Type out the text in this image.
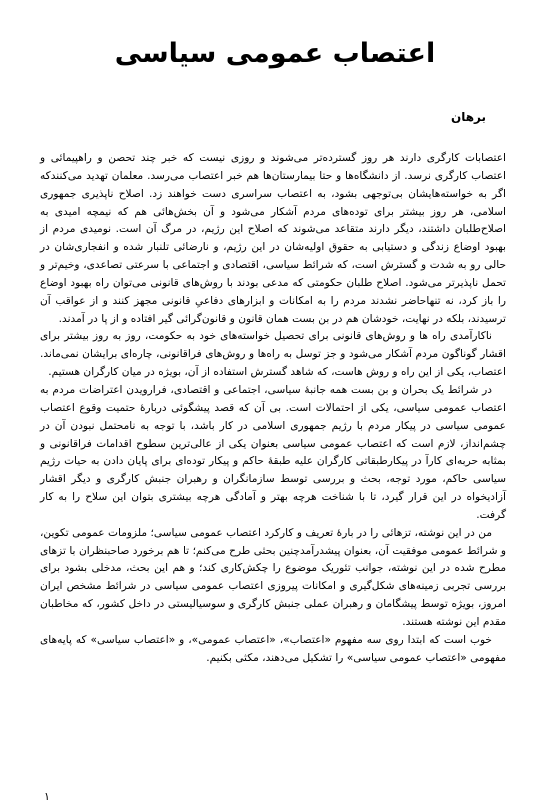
اعتصاب عمومی سیاسی
برهان

اعتصابات کارگری دارند هر روز گسترده‌تر می‌شوند و روزی نیست که خبر چند تحصن و راهپیمائی و اعتصاب کارگری نرسد. از دانشگاه‌ها و حتا بیمارستان‌ها هم خبر اعتصاب می‌رسد. معلمان تهدید می‌کنندکه اگر به خواسته‌هایشان بی‌توجهی بشود، به اعتصاب سراسری دست خواهند زد. اصلاح ناپذیری جمهوری اسلامی، هر روز بیشتر برای توده‌های مردم آشکار می‌شود و آن بخش‌هائی هم که نیمچه امیدی به اصلاح‌طلبان داشتند، دیگر دارند متقاعد می‌شوند که اصلاح این رژیم، در مرگ آن است. نومیدی مردم از بهبود اوضاع زندگی و دستیابی به حقوق اولیه‌شان در این رژیم، و نارضائی تلنبار شده و انفجاری‌شان در حالی رو به شدت و گسترش است، که شرائط سیاسی، اقتصادی و اجتماعی با سرعتی تصاعدی، وخیم‌تر و تحمل ناپذیرتر می‌شود. اصلاح طلبان حکومتی که مدعی بودند با روش‌های قانونی می‌توان راه بهبود اوضاع را باز کرد، نه تنهاحاضر نشدند مردم را به امکانات و ابزارهای دفاعی‌ِ قانونی مجهز کنند و از عواقب آن ترسیدند، بلکه در نهایت، خودشان هم در بن بست همان قانون و قانون‌گرائی گیر افتاده و از پا در آمدند.

ناکارآمدی راه ها و روش‌های قانونی برای تحصیل خواسته‌های خود به حکومت، روز به روز بیشتر برای اقشار گوناگون مردم آشکار می‌شود و جز توسل به راه‌ها و روش‌های فراقانونی، چاره‌ای برایشان نمی‌ماند. اعتصاب، یکی از این راه و روش هاست، که شاهد گسترش استفاده از آن، بویژه در میان کارگران هستیم.

در شرائط یک بحران و بن بست همه جانبهٔ سیاسی، اجتماعی و اقتصادی، فرارویدن اعتراضات مردم به اعتصاب عمومی سیاسی، یکی از احتمالات است. بی آن که قصد پیشگوئی دربارهٔ حتمیت وقوع اعتصاب عمومی سیاسی در پیکار مردم با رژیم جمهوری اسلامی در کار باشد، با توجه به نامحتمل نبودن آن در چشم‌انداز، لازم است که اعتصاب عمومی سیاسی بعنوان یکی از عالی‌ترین سطوح اقدامات فراقانونی و بمثابه حربه‌ای کارآ در پیکارطبقاتی کارگران علیه طبقهٔ حاکم و پیکار توده‌ای برای پایان دادن به حیات رژیم سیاسی حاکم، مورد توجه، بحث و بررسی توسط سازمانگران و رهبران جنبش کارگری و دیگر اقشار آزادیخواه در این قرار گیرد، تا با شناخت هرچه بهتر و آمادگی هرچه بیشتری بتوان این سلاح را به کار گرفت.

من در این نوشته، تزهائی را در بارهٔ تعریف و کارکرد اعتصاب عمومی سیاسی؛ ملزومات عمومی تکوین، و شرائط عمومی موفقیت آن، بعنوان پیشدرآمدچنین بحثی طرح می‌کنم؛ تا هم برخورد صاحبنظران با تزهای مطرح شده در این نوشته، جوانب تئوریک موضوع را چکش‌کاری کند؛ و هم این بحث، مدخلی بشود برای بررسی تجربی زمینه‌های شکل‌گیری و امکانات پیروزی اعتصاب عمومی سیاسی در شرائط مشخص ایران امروز، بویژه توسط پیشگامان و رهبران عملی جنبش کارگری و سوسیالیستی در داخل کشور، که مخاطبان مقدم این نوشته هستند.

خوب است که ابتدا روی سه مفهوم «اعتصاب»، «اعتصاب عمومی»، و «اعتصاب سیاسی» که پایه‌های مفهومی «اعتصاب عمومی سیاسی» را تشکیل می‌دهند، مکثی بکنیم.

۱
